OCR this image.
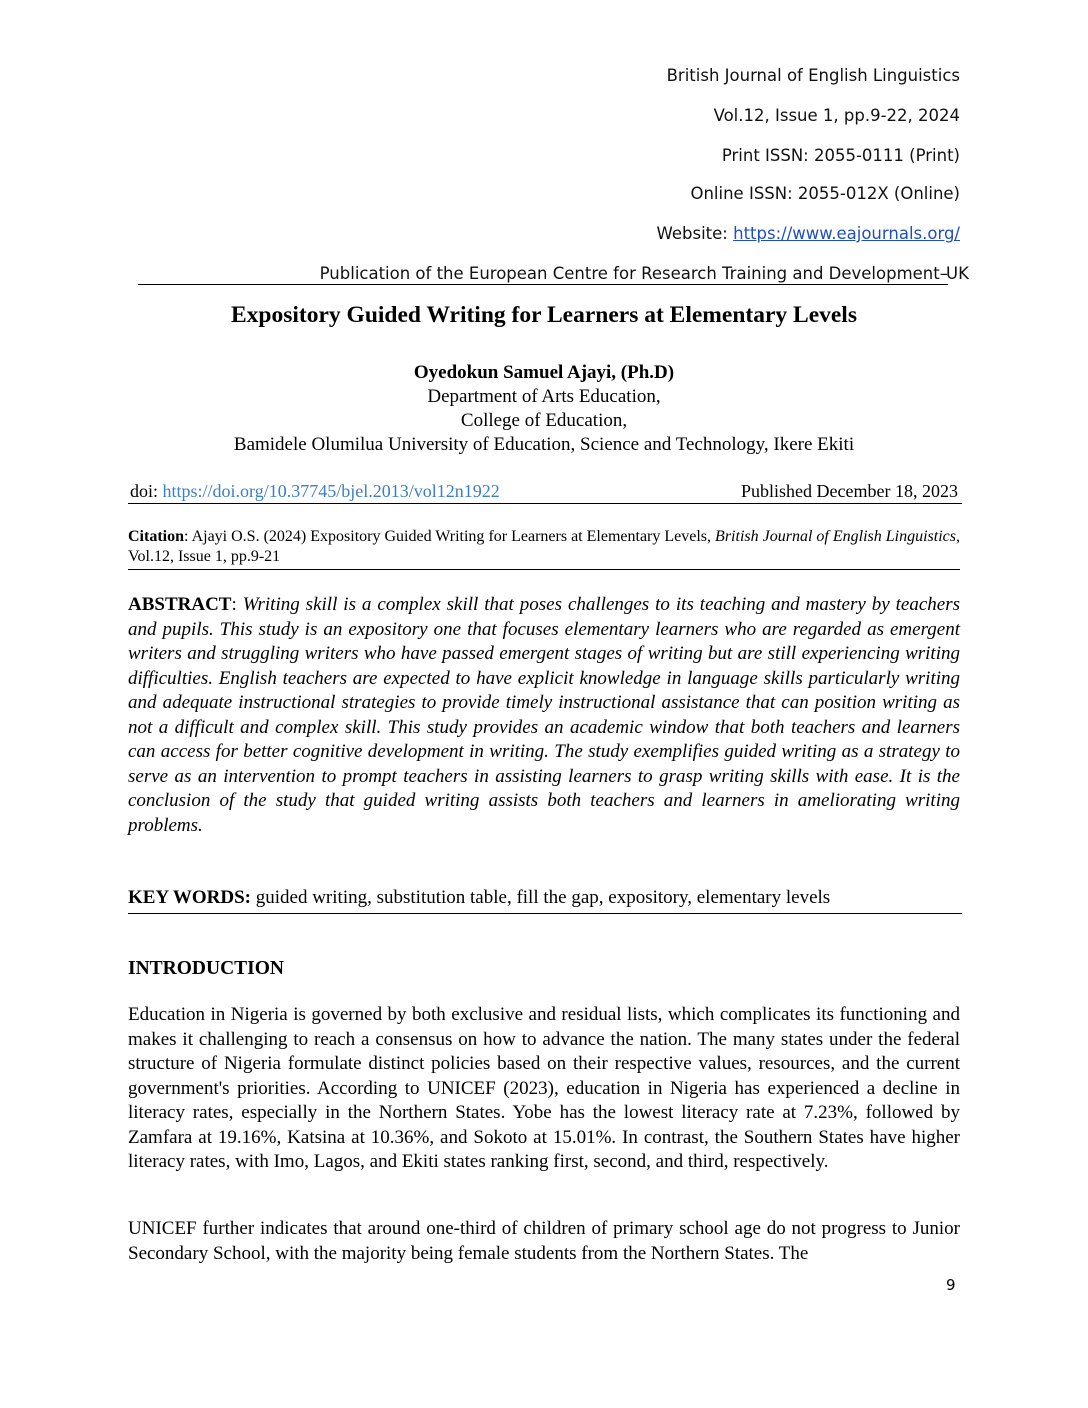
British Journal of English Linguistics
Vol.12, Issue 1, pp.9-22, 2024
Print ISSN: 2055-0111 (Print)
Online ISSN: 2055-012X (Online)
Website: https://www.eajournals.org/
Publication of the European Centre for Research Training and Development–
UK
Expository Guided Writing for Learners at Elementary Levels
Oyedokun Samuel Ajayi, (Ph.D)
Department of Arts Education,
College of Education,
Bamidele Olumilua University of Education, Science and Technology, Ikere Ekiti
doi: https://doi.org/10.37745/bjel.2013/vol12n1922	Published December 18, 2023
Citation: Ajayi O.S. (2024) Expository Guided Writing for Learners at Elementary Levels, British Journal of English Linguistics, Vol.12, Issue 1, pp.9-21
ABSTRACT: Writing skill is a complex skill that poses challenges to its teaching and mastery by teachers and pupils. This study is an expository one that focuses elementary learners who are regarded as emergent writers and struggling writers who have passed emergent stages of writing but are still experiencing writing difficulties. English teachers are expected to have explicit knowledge in language skills particularly writing and adequate instructional strategies to provide timely instructional assistance that can position writing as not a difficult and complex skill. This study provides an academic window that both teachers and learners can access for better cognitive development in writing. The study exemplifies guided writing as a strategy to serve as an intervention to prompt teachers in assisting learners to grasp writing skills with ease. It is the conclusion of the study that guided writing assists both teachers and learners in ameliorating writing problems.
KEY WORDS: guided writing, substitution table, fill the gap, expository, elementary levels
INTRODUCTION
Education in Nigeria is governed by both exclusive and residual lists, which complicates its functioning and makes it challenging to reach a consensus on how to advance the nation. The many states under the federal structure of Nigeria formulate distinct policies based on their respective values, resources, and the current government's priorities. According to UNICEF (2023), education in Nigeria has experienced a decline in literacy rates, especially in the Northern States. Yobe has the lowest literacy rate at 7.23%, followed by Zamfara at 19.16%, Katsina at 10.36%, and Sokoto at 15.01%. In contrast, the Southern States have higher literacy rates, with Imo, Lagos, and Ekiti states ranking first, second, and third, respectively.
UNICEF further indicates that around one-third of children of primary school age do not progress to Junior Secondary School, with the majority being female students from the Northern States. The
9
